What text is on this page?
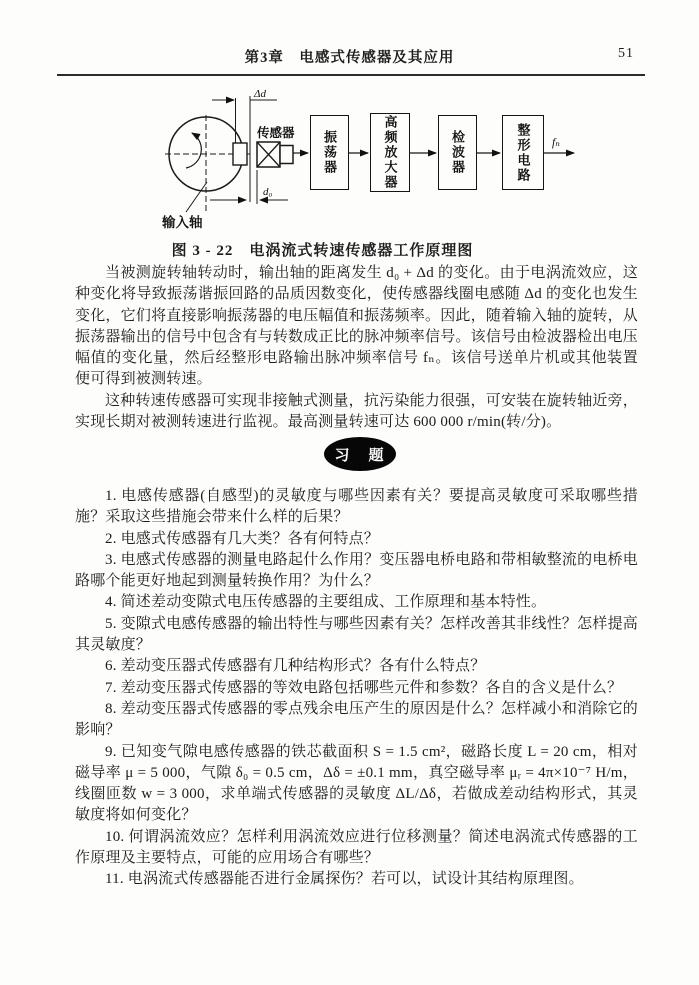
第3章　电感式传感器及其应用	51
Δd
d₀
传感器
fₙ
输入轴
振荡器	高频放大器	检波器	整形电路
图 3 - 22　电涡流式转速传感器工作原理图

当被测旋转轴转动时，输出轴的距离发生 d₀ + Δd 的变化。由于电涡流效应，这种变化将导致振荡谐振回路的品质因数变化，使传感器线圈电感随 Δd 的变化也发生变化，它们将直接影响振荡器的电压幅值和振荡频率。因此，随着输入轴的旋转，从振荡器输出的信号中包含有与转数成正比的脉冲频率信号。该信号由检波器检出电压幅值的变化量，然后经整形电路输出脉冲频率信号 fₙ。该信号送单片机或其他装置便可得到被测转速。

这种转速传感器可实现非接触式测量，抗污染能力很强，可安装在旋转轴近旁，实现长期对被测转速进行监视。最高测量转速可达 600 000 r/min(转/分)。

习　题

1. 电感传感器(自感型)的灵敏度与哪些因素有关？要提高灵敏度可采取哪些措施？采取这些措施会带来什么样的后果？

2. 电感式传感器有几大类？各有何特点？

3. 电感式传感器的测量电路起什么作用？变压器电桥电路和带相敏整流的电桥电路哪个能更好地起到测量转换作用？为什么？

4. 简述差动变隙式电压传感器的主要组成、工作原理和基本特性。

5. 变隙式电感传感器的输出特性与哪些因素有关？怎样改善其非线性？怎样提高其灵敏度？

6. 差动变压器式传感器有几种结构形式？各有什么特点？

7. 差动变压器式传感器的等效电路包括哪些元件和参数？各自的含义是什么？

8. 差动变压器式传感器的零点残余电压产生的原因是什么？怎样减小和消除它的影响？

9. 已知变气隙电感传感器的铁芯截面积 S = 1.5 cm²，磁路长度 L = 20 cm，相对磁导率 μ = 5 000，气隙 δ₀ = 0.5 cm，Δδ = ±0.1 mm，真空磁导率 μᵣ = 4π×10⁻⁷ H/m，线圈匝数 w = 3 000，求单端式传感器的灵敏度 ΔL/Δδ，若做成差动结构形式，其灵敏度将如何变化？

10. 何谓涡流效应？怎样利用涡流效应进行位移测量？简述电涡流式传感器的工作原理及主要特点，可能的应用场合有哪些？

11. 电涡流式传感器能否进行金属探伤？若可以，试设计其结构原理图。
